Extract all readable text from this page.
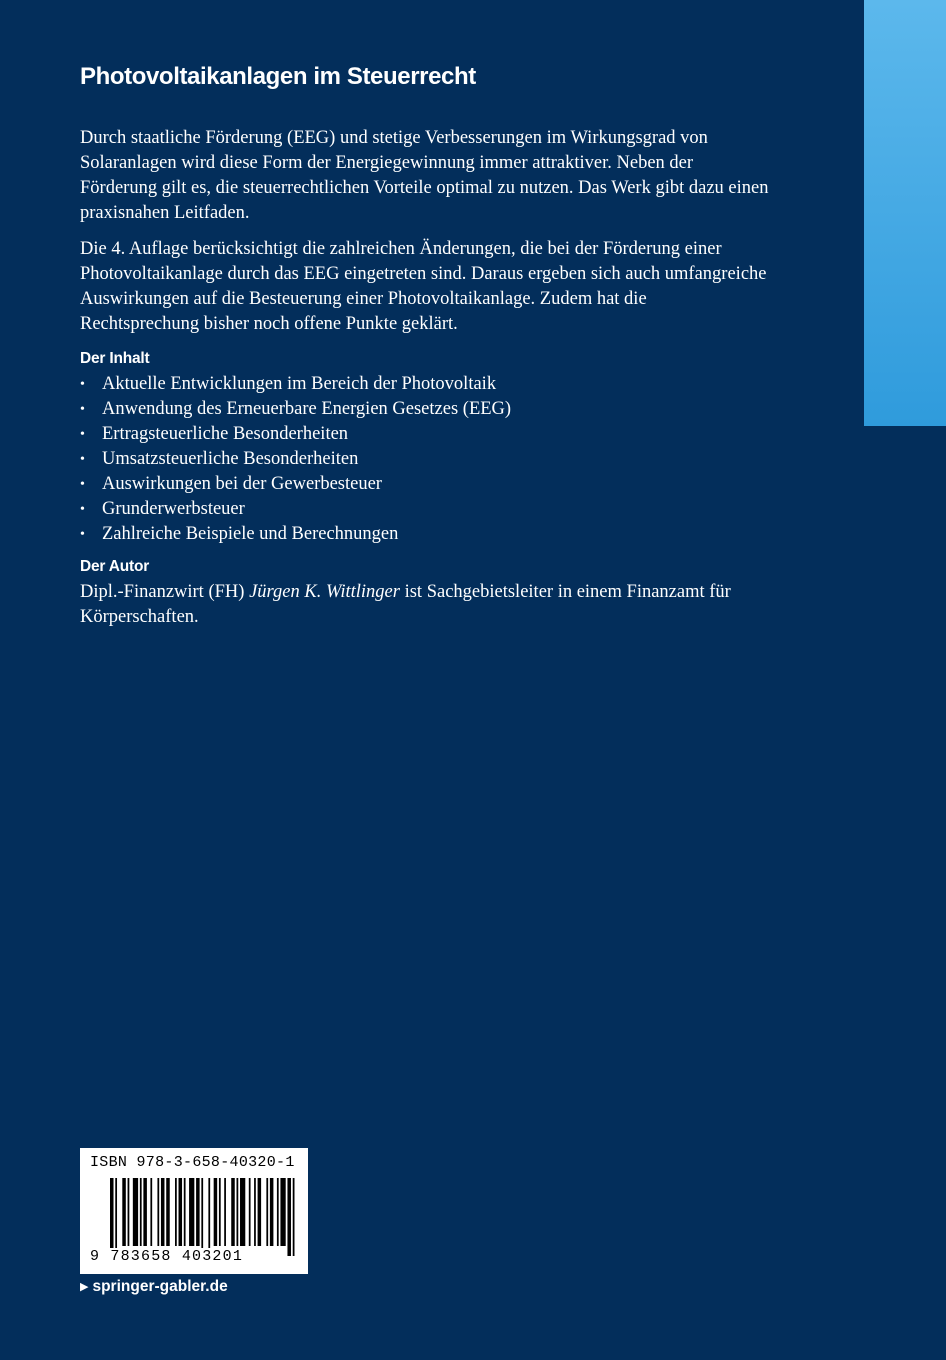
Photovoltaikanlagen im Steuerrecht

Durch staatliche Förderung (EEG) und stetige Verbesserungen im Wirkungsgrad von Solaranlagen wird diese Form der Energiegewinnung immer attraktiver. Neben der Förderung gilt es, die steuerrechtlichen Vorteile optimal zu nutzen. Das Werk gibt dazu einen praxisnahen Leitfaden.

Die 4. Auflage berücksichtigt die zahlreichen Änderungen, die bei der Förderung einer Photovoltaikanlage durch das EEG eingetreten sind. Daraus ergeben sich auch umfangreiche Auswirkungen auf die Besteuerung einer Photovoltaikanlage. Zudem hat die Rechtsprechung bisher noch offene Punkte geklärt.

Der Inhalt
• Aktuelle Entwicklungen im Bereich der Photovoltaik
• Anwendung des Erneuerbare Energien Gesetzes (EEG)
• Ertragsteuerliche Besonderheiten
• Umsatzsteuerliche Besonderheiten
• Auswirkungen bei der Gewerbesteuer
• Grunderwerbsteuer
• Zahlreiche Beispiele und Berechnungen
Der Autor

Dipl.-Finanzwirt (FH) Jürgen K. Wittlinger ist Sachgebietsleiter in einem Finanzamt für Körperschaften.

ISBN 978-3-658-40320-1
9 783658 403201
▶ springer-gabler.de
